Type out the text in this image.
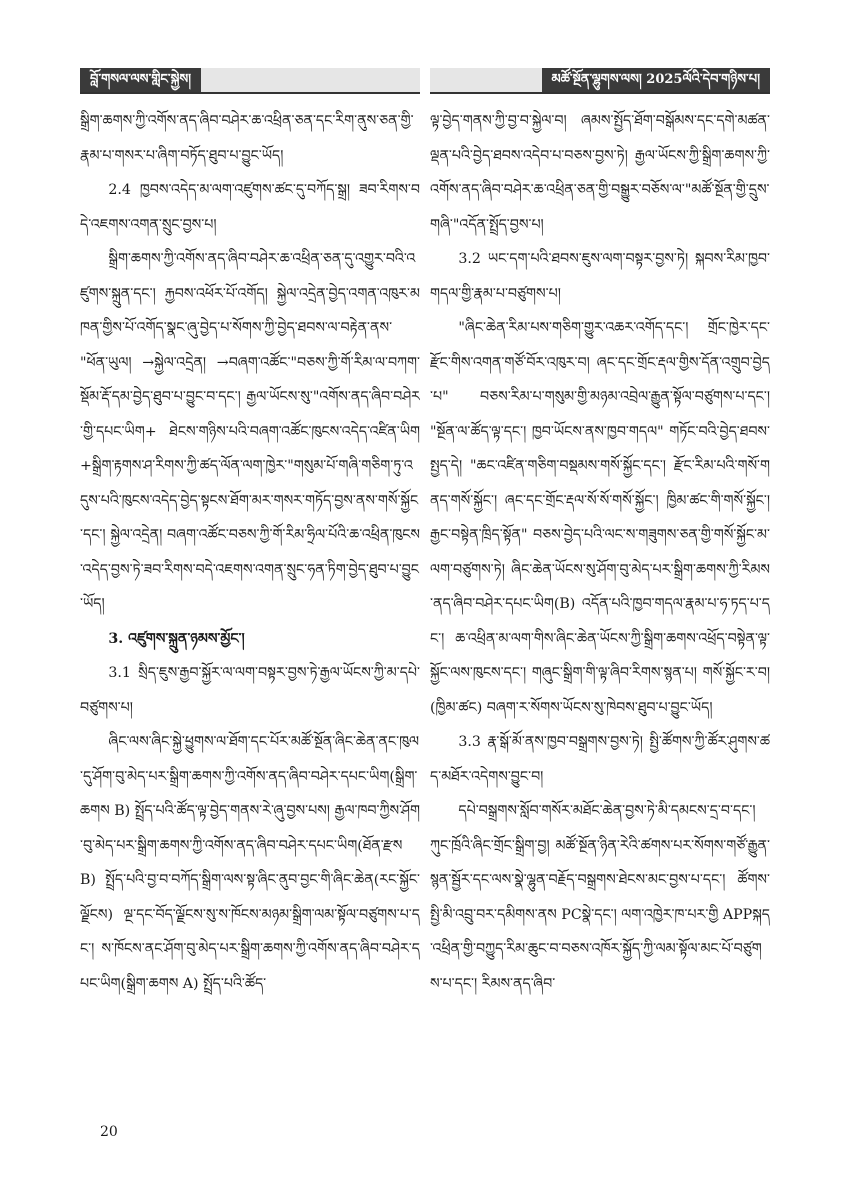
བློ་གསལ་ལས་གླིང་སྐྱེས།	མཚོ་སྔོན་ལྷུགས་ལས། 2025ལོའི་དེབ་གཉིས་པ།

སྒྲིག་ཆགས་ཀྱི་འགོས་ནད་ཞིབ་བཤེར་ཆ་འཕྲིན་ཅན་དང་རིག་ནུས་ཅན་གྱི་རྣམ་པ་གསར་པ་ཞིག་བཏོད་ཐུབ་པ་བྱུང་ཡོད།

2.4 ཁྱབས་འདེད་མ་ལག་འཛུགས་ཚང་དུ་བཀོད་སྒྲ། ཟབ་རིགས་བདེ་འཇགས་འགན་སྲུང་བྱས་པ།

སྒྲིག་ཆགས་ཀྱི་འགོས་ནད་ཞིབ་བཤེར་ཆ་འཕྲིན་ཅན་དུ་འགྱུར་བའི་འཛུགས་སྐྲུན་དང་། རྐྱབས་འཕོར་པོ་འགོད། སྐྱེལ་འདྲེན་བྱེད་འགན་འཁུར་མཁན་གྱིས་པོ་འགོད་སྣང་ཞུ་བྱེད་པ་སོགས་ཀྱི་བྱེད་ཐབས་ལ་བརྟེན་ནས་ "ཕོན་ཡུལ། →སྐྱེལ་འདྲེན། →བཞག་འཚོང་"བཅས་ཀྱི་གོ་རིམ་ལ་བཀག་སྡོམ་རྡོ་དམ་བྱེད་ཐུབ་པ་བྱུང་བ་དང་། རྒྱལ་ཡོངས་སུ་"འགོས་ནད་ཞིབ་བཤེར་གྱི་དཔང་ཡིག+ ཐེངས་གཉིས་པའི་བཞག་འཚོང་ཁུངས་འདེད་འཛིན་ཡིག+སྒྲིག་རྟགས་ཤ་རིགས་ཀྱི་ཚད་ལོན་ལག་ཁྱེར་"གསུམ་པོ་གཞི་གཅིག་ཏུ་འདུས་པའི་ཁུངས་འདེད་བྱེད་སྟངས་ཐོག་མར་གསར་གཏོད་བྱས་ནས་གསོ་སྐྱོང་དང་། སྐྱེལ་འདྲེན། བཞག་འཚོང་བཅས་ཀྱི་གོ་རིམ་ཧྲིལ་པོའི་ཆ་འཕྲིན་ཁུངས་འདེད་བྱས་ཏེ་ཟབ་རིགས་བདེ་འཇགས་འགན་སྲུང་ཧན་ཏིག་བྱེད་ཐུབ་པ་བྱུང་ཡོད།

3. འཛུགས་སྐྲུན་ཉམས་མྱོང་།

3.1 སྲིད་ཇུས་རྒྱབ་སྐྱོར་ལ་ལག་བསྟར་བྱས་ཏེ་རྒྱལ་ཡོངས་ཀྱི་མ་དཔེ་བཙུགས་པ།

ཞིང་ལས་ཞིང་སྐྱེ་ཕྱུགས་ལ་ཐོག་དང་པོར་མཚོ་སྔོན་ཞིང་ཆེན་ནང་ཁུལ་དུ་ཤོག་བུ་མེད་པར་སྒྲིག་ཆགས་ཀྱི་འགོས་ནད་ཞིབ་བཤེར་དཔང་ཡིག(སྒྲིག་ཆགས B) སྤྲོད་པའི་ཚོད་ལྟ་བྱེད་གནས་རེ་ཞུ་བྱས་པས། རྒྱལ་ཁབ་ཀྱིས་ཤོག་བུ་མེད་པར་སྒྲིག་ཆགས་ཀྱི་འགོས་ནད་ཞིབ་བཤེར་དཔང་ཡིག(ཐོན་རྫས B) སྤྲོད་པའི་བྱ་བ་བཀོད་སྒྲིག་ལས་སྟ་ཞིང་ནུབ་བྱང་གི་ཞིང་ཆེན(རང་སྐྱོང་ལྗོངས) ལྔ་དང་བོད་ལྗོངས་སུ་ས་ཁོངས་མཉམ་སྒྲིག་ལམ་སྟོལ་བཙུགས་པ་དང་། ས་ཁོངས་ནང་ཤོག་བུ་མེད་པར་སྒྲིག་ཆགས་ཀྱི་འགོས་ནད་ཞིབ་བཤེར་དཔང་ཡིག(སྒྲིག་ཆགས A) སྤྲོད་པའི་ཚོད་

ལྟ་བྱེད་གནས་ཀྱི་བྱ་བ་སྐྱེལ་བ། ཞམས་སྤྱོད་ཐོག་བསྒོམས་དང་དགེ་མཚན་ལྡན་པའི་བྱེད་ཐབས་འདེབ་པ་བཅས་བྱས་ཏེ། རྒྱལ་ཡོངས་ཀྱི་སྒྲིག་ཆགས་ཀྱི་འགོས་ནད་ཞིབ་བཤེར་ཆ་འཕྲིན་ཅན་གྱི་བསྒྱུར་བཅོས་ལ་"མཚོ་སྔོན་གྱི་དྲུས་གཞི་"འདོན་སྤྲོད་བྱས་པ།

3.2 ཡང་དག་པའི་ཐབས་ཇུས་ལག་བསྟར་བྱས་ཏེ། སྐབས་རིམ་ཁྱབ་གདལ་གྱི་རྣམ་པ་བཙུགས་པ།

"ཞིང་ཆེན་རིམ་པས་གཅིག་གྱུར་འཆར་འགོད་དང་། གྲོང་ཁྱེར་དང་རྫོང་གིས་འགན་གཙོ་བོར་འཁུར་བ། ཞང་དང་གྲོང་རྡལ་གྱིས་དོན་འགྲུབ་བྱེད་པ" བཅས་རིམ་པ་གསུམ་གྱི་མཉམ་འབྲེལ་རྒྱུན་སྟོལ་བཙུགས་པ་དང་། "སྔོན་ལ་ཚོད་ལྟ་དང་། ཁྱབ་ཡོངས་ནས་ཁྱབ་གདལ" གཏོང་བའི་བྱེད་ཐབས་སྤྱད་དེ། "ཆང་འཛིན་གཅིག་བསྡམས་གསོ་སྐྱོང་དང་། རྫོང་རིམ་པའི་གསོ་གནད་གསོ་སྐྱོང་། ཞང་དང་གྲོང་རྡལ་སོ་སོ་གསོ་སྐྱོང་། ཁྱིམ་ཚང་གི་གསོ་སྐྱོང་། རྒྱང་བསྟེན་ཁྲིད་སྟོན" བཅས་བྱེད་པའི་ལང་ས་གཟུགས་ཅན་གྱི་གསོ་སྐྱོང་མ་ལག་བཙུགས་ཏེ། ཞིང་ཆེན་ཡོངས་སུ་ཤོག་བུ་མེད་པར་སྒྲིག་ཆགས་ཀྱི་རིམས་ནད་ཞིབ་བཤེར་དཔང་ཡིག(B) འདོན་པའི་ཁྱབ་གདལ་རྣམ་པ་ཧ་ཏད་པ་དང་། ཆ་འཕྲིན་མ་ལག་གིས་ཞིང་ཆེན་ཡོངས་ཀྱི་སྒྲིག་ཆགས་འཕྲོད་བསྟེན་ལྟ་སྐྱོང་ལས་ཁུངས་དང་། གཞུང་སྒྲིག་གི་ལྟ་ཞིབ་རིགས་སྙན་པ། གསོ་སྐྱོང་ར་བ། (ཁྱིམ་ཚང) བཞག་ར་སོགས་ཡོངས་སུ་ཁེབས་ཐུབ་པ་བྱུང་ཡོད།

3.3 རྣ་སྒོ་མོ་ནས་ཁྱབ་བསྒྲགས་བྱས་ཏེ། སྤྱི་ཚོགས་ཀྱི་ཚོར་ཤུགས་ཚད་མཐོར་འདེགས་བྱུང་བ།

དཔེ་བསྒྲགས་སློབ་གསོར་མཐོང་ཆེན་བྱས་ཏེ་མི་དམངས་དྲ་བ་དང་། ཀུང་ཁྲོའི་ཞིང་གྲོང་སྒྲིག་བྱ། མཚོ་སྔོན་ཉིན་རེའི་ཚགས་པར་སོགས་གཙོ་རྒྱུན་སྙན་སྦྱོར་དང་ལས་སྣེ་ལྷུན་བརྗོད་བསྒྲགས་ཐེངས་མང་བྱས་པ་དང་། ཚོགས་སྤྱི་མི་འབྲུ་བར་དམིགས་ནས PCསྣེ་དང་། ལག་འཁྱེར་ཁ་པར་གྱི APPསྐད་འཕྲིན་གྱི་བཀྱུད་རིམ་ཆུང་བ་བཅས་འཁོར་སྐྱོད་ཀྱི་ལམ་སྟོལ་མང་པོ་བཙུགས་པ་དང་། རིམས་ནད་ཞིབ་

20
